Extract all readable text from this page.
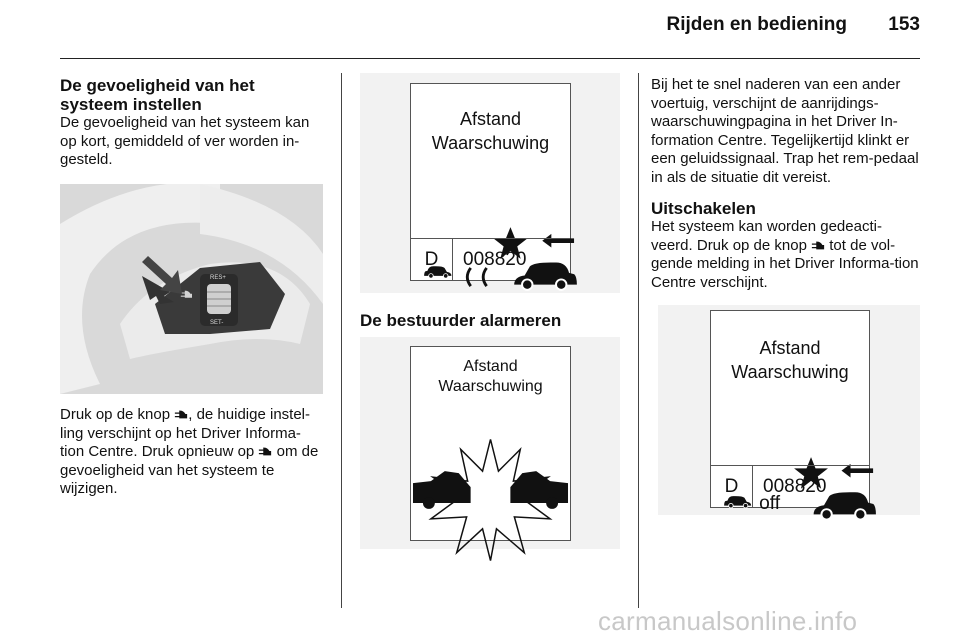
Rijden en bediening 153
De gevoeligheid van het systeem instellen

De gevoeligheid van het systeem kan op kort, gemiddeld of ver worden in-gesteld.

RES+
SET-

Druk op de knop , de huidige instel-ling verschijnt op het Driver Informa-tion Centre. Druk opnieuw op  om de gevoeligheid van het systeem te wijzigen.

Afstand
Waarschuwing
D	008820
De bestuurder alarmeren
Afstand
Waarschuwing

Bij het te snel naderen van een ander voertuig, verschijnt de aanrijdings-waarschuwingpagina in het Driver In-formation Centre. Tegelijkertijd klinkt er een geluidssignaal. Trap het rem-pedaal in als de situatie dit vereist.

Uitschakelen

Het systeem kan worden gedeacti-veerd. Druk op de knop  tot de vol-gende melding in het Driver Informa-tion Centre verschijnt.

Afstand
Waarschuwing
off
D	008820
carmanualsonline.info
